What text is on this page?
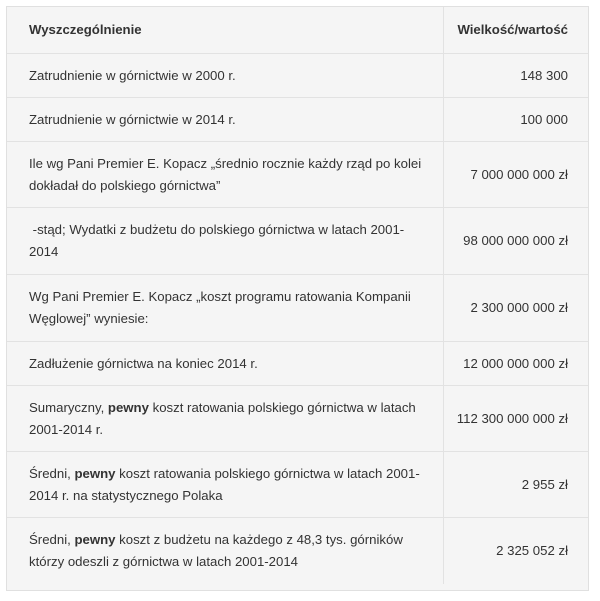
Wyszczególnienie	Wielkość/wartość
Zatrudnienie w górnictwie w 2000 r.	148 300
Zatrudnienie w górnictwie w 2014 r.	100 000
Ile wg Pani Premier E. Kopacz „średnio rocznie każdy rząd po kolei dokładał do polskiego górnictwa”	7 000 000 000 zł
-stąd; Wydatki z budżetu do polskiego górnictwa w latach 2001-2014	98 000 000 000 zł
Wg Pani Premier E. Kopacz „koszt programu ratowania Kompanii Węglowej” wyniesie:	2 300 000 000 zł
Zadłużenie górnictwa na koniec 2014 r.	12 000 000 000 zł
Sumaryczny, pewny koszt ratowania polskiego górnictwa w latach 2001-2014 r.	112 300 000 000 zł
Średni, pewny koszt ratowania polskiego górnictwa w latach 2001-2014 r. na statystycznego Polaka	2 955 zł
Średni, pewny koszt z budżetu na każdego z 48,3 tys. górników którzy odeszli z górnictwa w latach 2001-2014	2 325 052 zł
